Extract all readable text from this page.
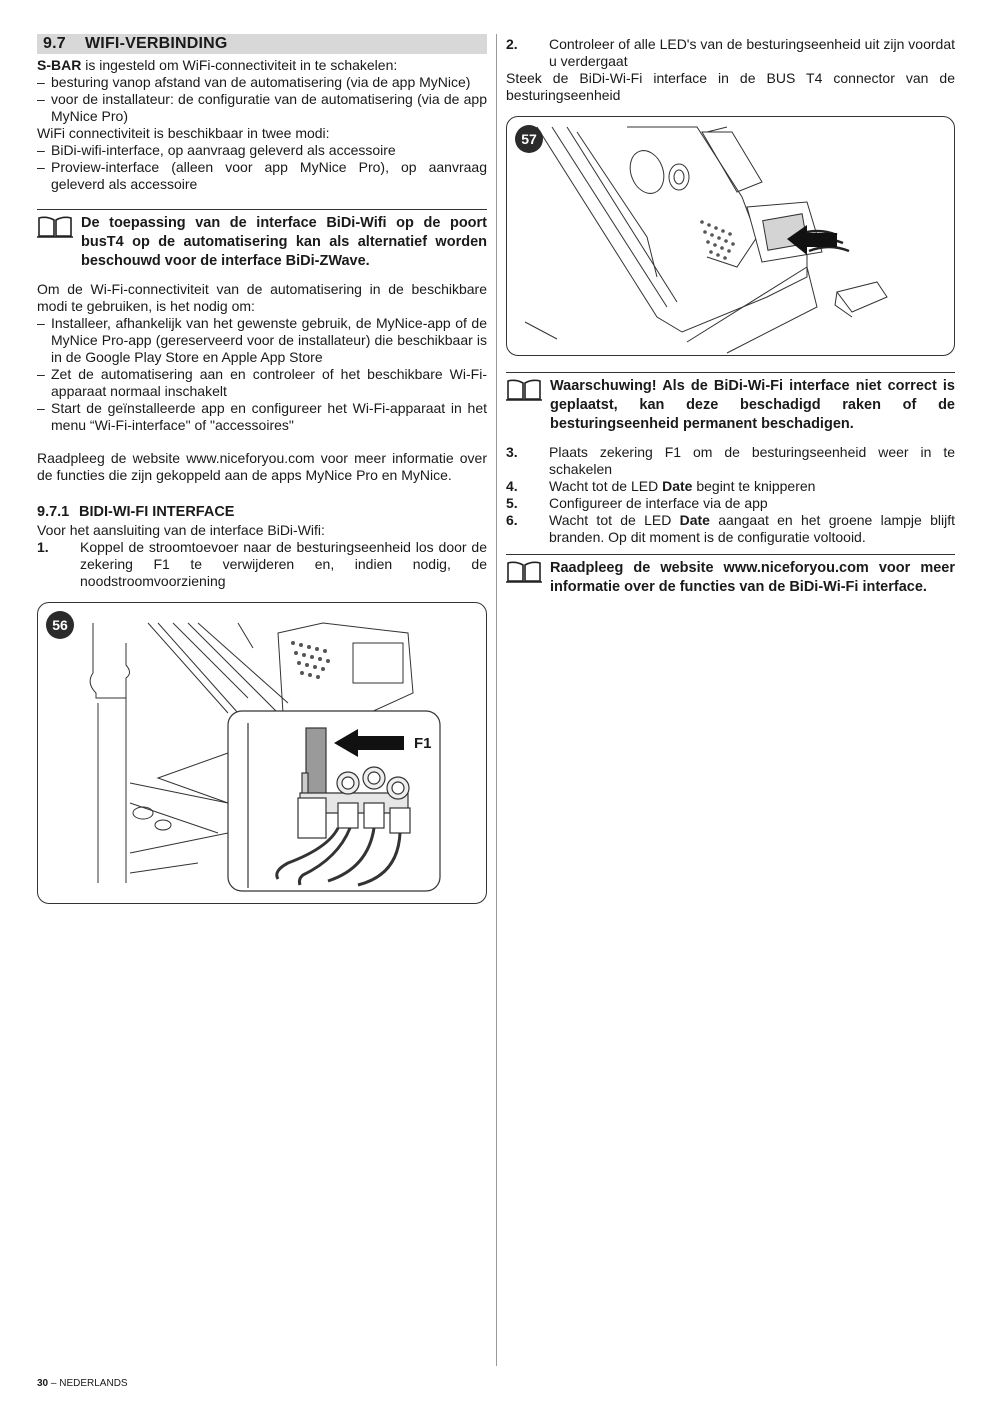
9.7 WIFI-VERBINDING

S-BAR is ingesteld om WiFi-connectiviteit in te schakelen:

– besturing vanop afstand van de automatisering (via de app MyNice)
– voor de installateur: de configuratie van de automatisering (via de app MyNice Pro)

WiFi connectiviteit is beschikbaar in twee modi:

– BiDi-wifi-interface, op aanvraag geleverd als accessoire
– Proview-interface (alleen voor app MyNice Pro), op aanvraag geleverd als accessoire
De toepassing van de interface BiDi-Wifi op de poort busT4 op de automatisering kan als alternatief worden beschouwd voor de interface BiDi-ZWave.

Om de Wi-Fi-connectiviteit van de automatisering in de beschikbare modi te gebruiken, is het nodig om:

– Installeer, afhankelijk van het gewenste gebruik, de MyNice-app of de MyNice Pro-app (gereserveerd voor de installateur) die beschikbaar is in de Google Play Store en Apple App Store
– Zet de automatisering aan en controleer of het beschikbare Wi-Fi-apparaat normaal inschakelt
– Start de geïnstalleerde app en configureer het Wi-Fi-apparaat in het menu “Wi-Fi-interface" of "accessoires"

Raadpleeg de website www.niceforyou.com voor meer informatie over de functies die zijn gekoppeld aan de apps MyNice Pro en MyNice.

9.7.1 BIDI-WI-FI INTERFACE

Voor het aansluiting van de interface BiDi-Wifi:

1.	Koppel de stroomtoevoer naar de besturingseenheid los door de zekering F1 te verwijderen en, indien nodig, de noodstroomvoorziening
56
F1
2.	Controleer of alle LED's van de besturingseenheid uit zijn voordat u verdergaat

Steek de BiDi-Wi-Fi interface in de BUS T4 connector van de besturingseenheid

57
Waarschuwing! Als de BiDi-Wi-Fi interface niet correct is geplaatst, kan deze beschadigd raken of de besturingseenheid permanent beschadigen.
3.	Plaats zekering F1 om de besturingseenheid weer in te schakelen
4.	Wacht tot de LED Date begint te knipperen
5.	Configureer de interface via de app
6.	Wacht tot de LED Date aangaat en het groene lampje blijft branden. Op dit moment is de configuratie voltooid.
Raadpleeg de website www.niceforyou.com voor meer informatie over de functies van de BiDi-Wi-Fi interface.
30 – NEDERLANDS
